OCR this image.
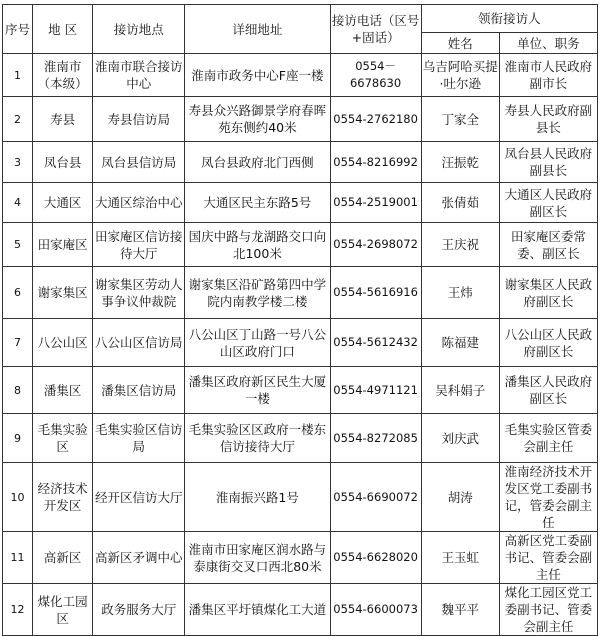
序号	地 区	接访地点	详细地址	接访电话（区号+固话）	领衔接访人	
					姓名	单位、职务
1	淮南市（本级）	淮南市联合接访中心	淮南市政务中心F座一楼	0554－6678630	乌吉阿哈买提·吐尔逊	淮南市人民政府副市长
2	寿县	寿县信访局	寿县众兴路御景学府春晖苑东侧约40米	0554-2762180	丁家全	寿县人民政府副县长
3	凤台县	凤台县信访局	凤台县政府北门西侧	0554-8216992	汪振乾	凤台县人民政府副县长
4	大通区	大通区综治中心	大通区民主东路5号	0554-2519001	张倩茹	大通区人民政府副区长
5	田家庵区	田家庵区信访接待大厅	国庆中路与龙湖路交口向北100米	0554-2698072	王庆祝	田家庵区委常委、副区长
6	谢家集区	谢家集区劳动人事争议仲裁院	谢家集区沿矿路第四中学院内南教学楼二楼	0554-5616916	王炜	谢家集区人民政府副区长
7	八公山区	八公山区信访局	八公山区丁山路一号八公山区政府门口	0554-5612432	陈福建	八公山区人民政府副区长
8	潘集区	潘集区信访局	潘集区政府新区民生大厦一楼	0554-4971121	吴科娟子	潘集区人民政府副区长
9	毛集实验区	毛集实验区信访局	毛集实验区区政府一楼东信访接待大厅	0554-8272085	刘庆武	毛集实验区管委会副主任
10	经济技术开发区	经开区信访大厅	淮南振兴路1号	0554-6690072	胡涛	淮南经济技术开发区党工委副书记，管委会副主任
11	高新区	高新区矛调中心	淮南市田家庵区润水路与泰康街交叉口西北80米	0554-6628020	王玉虹	高新区党工委副书记、管委会副主任
12	煤化工园区	政务服务大厅	潘集区平圩镇煤化工大道	0554-6600073	魏平平	煤化工园区党工委副书记、管委会副主任
